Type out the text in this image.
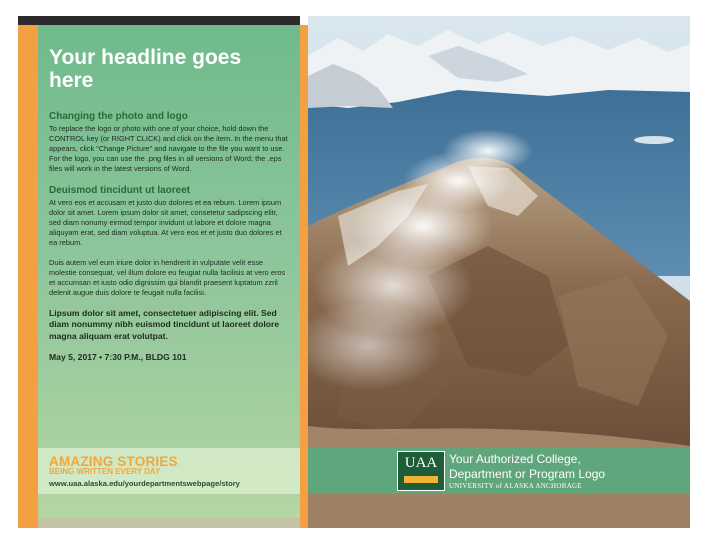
Your headline goes here
Changing the photo and logo

To replace the logo or photo with one of your choice, hold down the CONTROL key (or RIGHT CLICK) and click on the item. In the menu that appears, click “Change Picture” and navigate to the file you want to use. For the logo, you can use the .png files in all versions of Word; the .eps files will work in the latest versions of Word.

Deuismod tincidunt ut laoreet

At vero eos et accusam et justo duo dolores et ea rebum. Lorem ipsum dolor sit amet. Lorem ipsum dolor sit amet, consetetur sadipscing elitr, sed diam nonumy eirmod tempor invidunt ut labore et dolore magna aliquyam erat, sed diam voluptua. At vero eos et et justo duo dolores et ea rebum.

Duis autem vel eum iriure dolor in hendrerit in vulputate velit esse molestie consequat, vel illum dolore eu feugiat nulla facilisis at vero eros et accumsan et iusto odio dignissim qui blandit praesent luptatum zzril delenit augue duis dolore te feugait nulla facilisi.

Lipsum dolor sit amet, consectetuer adipiscing elit. Sed diam nonummy nibh euismod tincidunt ut laoreet dolore magna aliquam erat volutpat.

May 5, 2017 • 7:30 P.M., BLDG 101

AMAZING STORIES
BEING WRITTEN EVERY DAY
www.uaa.alaska.edu/yourdepartmentswebpage/story
UAA Your Authorized College,
Department or Program Logo
UNIVERSITY of ALASKA ANCHORAGE
